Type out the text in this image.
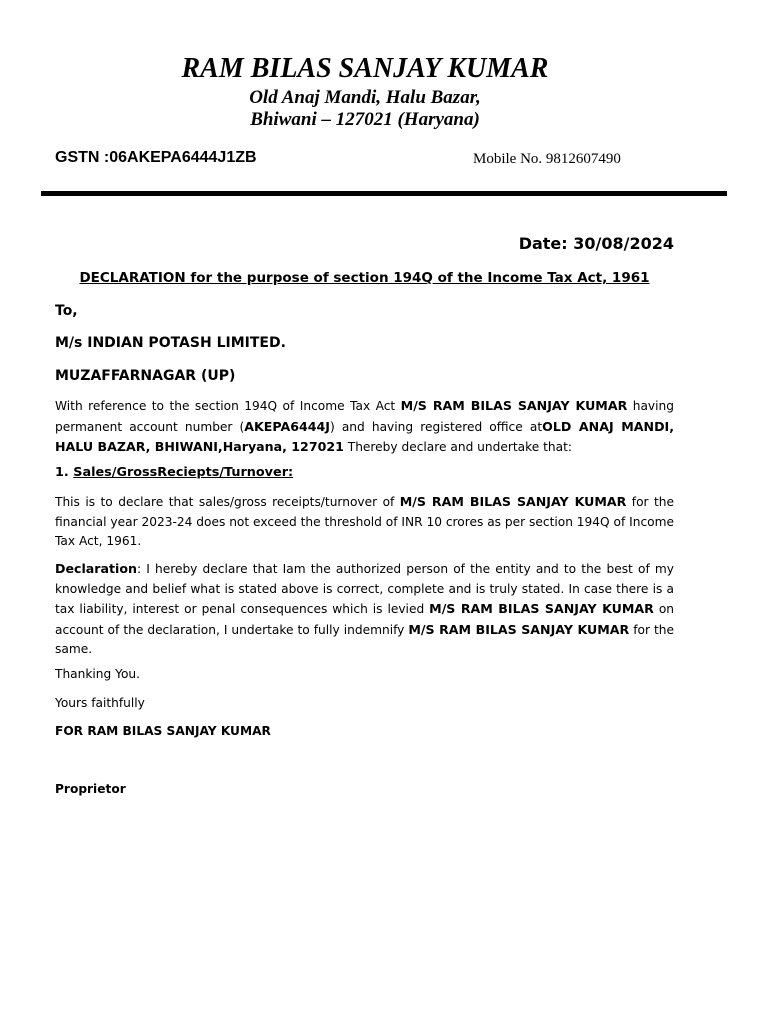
RAM BILAS SANJAY KUMAR
Old Anaj Mandi, Halu Bazar,
Bhiwani – 127021 (Haryana)
GSTN :06AKEPA6444J1ZB	Mobile No. 9812607490
Date: 30/08/2024
DECLARATION for the purpose of section 194Q of the Income Tax Act, 1961
To,
M/s INDIAN POTASH LIMITED.
MUZAFFARNAGAR (UP)
With reference to the section 194Q of Income Tax Act M/S RAM BILAS SANJAY KUMAR having permanent account number (AKEPA6444J) and having registered office atOLD ANAJ MANDI, HALU BAZAR, BHIWANI,Haryana, 127021 Thereby declare and undertake that:
1. Sales/GrossReciepts/Turnover:
This is to declare that sales/gross receipts/turnover of M/S RAM BILAS SANJAY KUMAR for the financial year 2023-24 does not exceed the threshold of INR 10 crores as per section 194Q of Income Tax Act, 1961.
Declaration: I hereby declare that Iam the authorized person of the entity and to the best of my knowledge and belief what is stated above is correct, complete and is truly stated. In case there is a tax liability, interest or penal consequences which is levied M/S RAM BILAS SANJAY KUMAR on account of the declaration, I undertake to fully indemnify M/S RAM BILAS SANJAY KUMAR for the same.
Thanking You.
Yours faithfully
FOR RAM BILAS SANJAY KUMAR
Proprietor
